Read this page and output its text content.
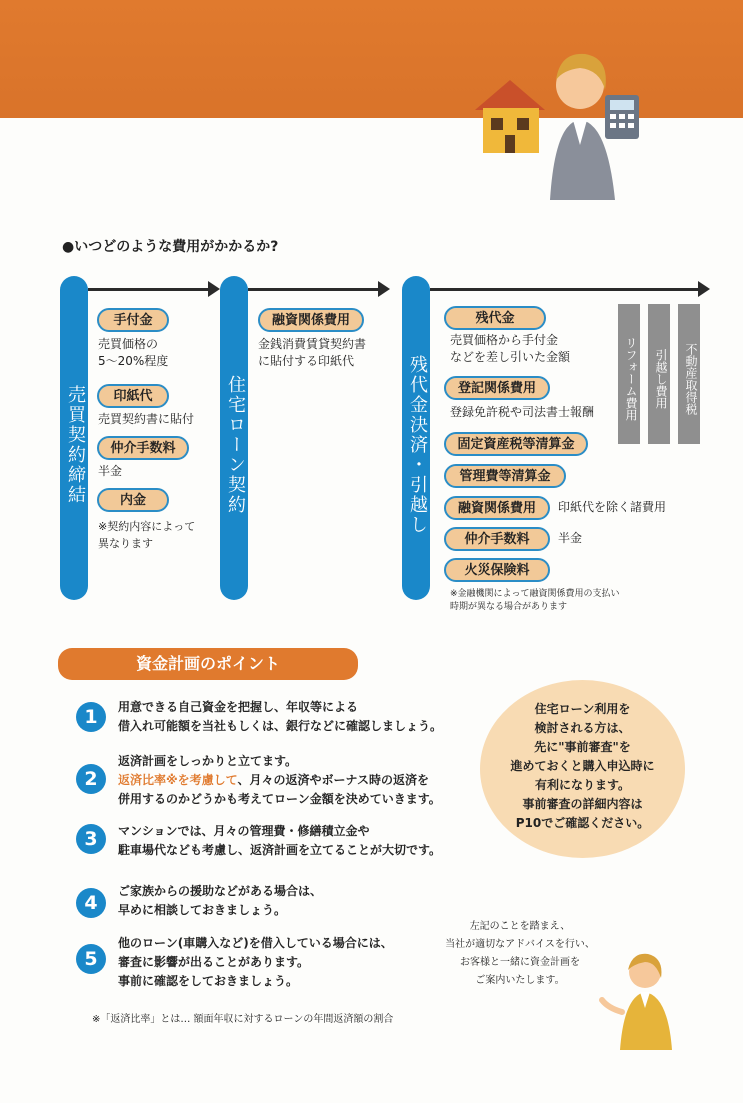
●いつどのような費用がかかるか?
売買契約締結	住宅ローン契約	残代金決済・引越し
手付金
売買価格の
5～20%程度
印紙代
売買契約書に貼付
仲介手数料
半金
内金
※契約内容によって
異なります
融資関係費用
金銭消費賃貸契約書
に貼付する印紙代
残代金
売買価格から手付金
などを差し引いた金額
登記関係費用
登録免許税や司法書士報酬
固定資産税等清算金
管理費等清算金
融資関係費用	印紙代を除く諸費用
仲介手数料	半金
火災保険料
※金融機関によって融資関係費用の支払い
時期が異なる場合があります
リフォーム費用	引越し費用	不動産取得税
資金計画のポイント
1	用意できる自己資金を把握し、年収等による
借入れ可能額を当社もしくは、銀行などに確認しましょう。
2
返済計画をしっかりと立てます。
返済比率※を考慮して、月々の返済やボーナス時の返済を
併用するのかどうかも考えてローン金額を決めていきます。
3	マンションでは、月々の管理費・修繕積立金や
駐車場代なども考慮し、返済計画を立てることが大切です。
4
ご家族からの援助などがある場合は、
早めに相談しておきましょう。
5
他のローン(車購入など)を借入している場合には、
審査に影響が出ることがあります。
事前に確認をしておきましょう。
※「返済比率」とは… 額面年収に対するローンの年間返済額の割合
住宅ローン利用を
検討される方は、
先に"事前審査"を
進めておくと購入申込時に
有利になります。
事前審査の詳細内容は
P10でご確認ください。
左記のことを踏まえ、
当社が適切なアドバイスを行い、
お客様と一緒に資金計画を
ご案内いたします。
